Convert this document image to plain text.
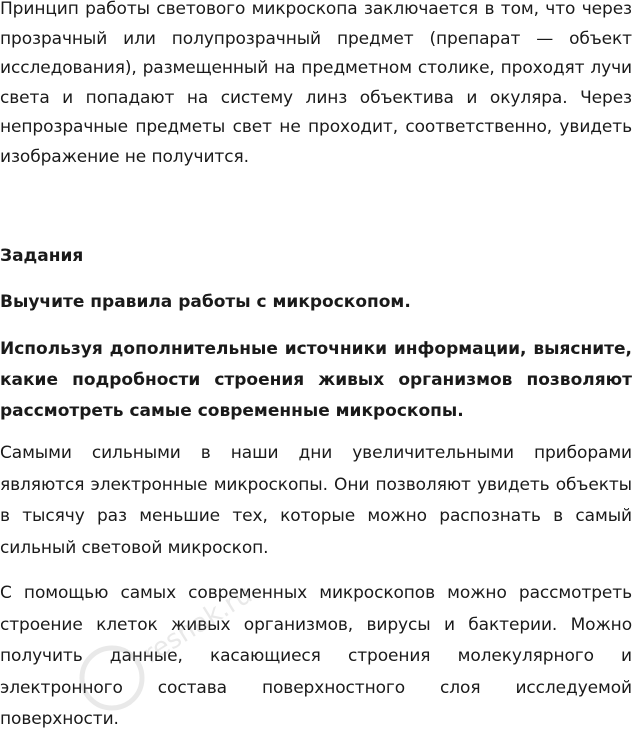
Принцип работы светового микроскопа заключается в том, что через прозрачный или полупрозрачный предмет (препарат — объект исследования), размещенный на предметном столике, проходят лучи света и попадают на систему линз объектива и окуляра. Через непрозрачные предметы свет не проходит, соответственно, увидеть изображение не получится.

Задания

Выучите правила работы с микроскопом.

Используя дополнительные источники информации, выясните, какие подробности строения живых организмов позволяют рассмотреть самые современные микроскопы.

Самыми сильными в наши дни увеличительными приборами являются электронные микроскопы. Они позволяют увидеть объекты в тысячу раз меньшие тех, которые можно распознать в самый сильный световой микроскоп.

С помощью самых современных микроскопов можно рассмотреть строение клеток живых организмов, вирусы и бактерии. Можно получить данные, касающиеся строения молекулярного и электронного состава поверхностного слоя исследуемой поверхности.

reshak.ru
